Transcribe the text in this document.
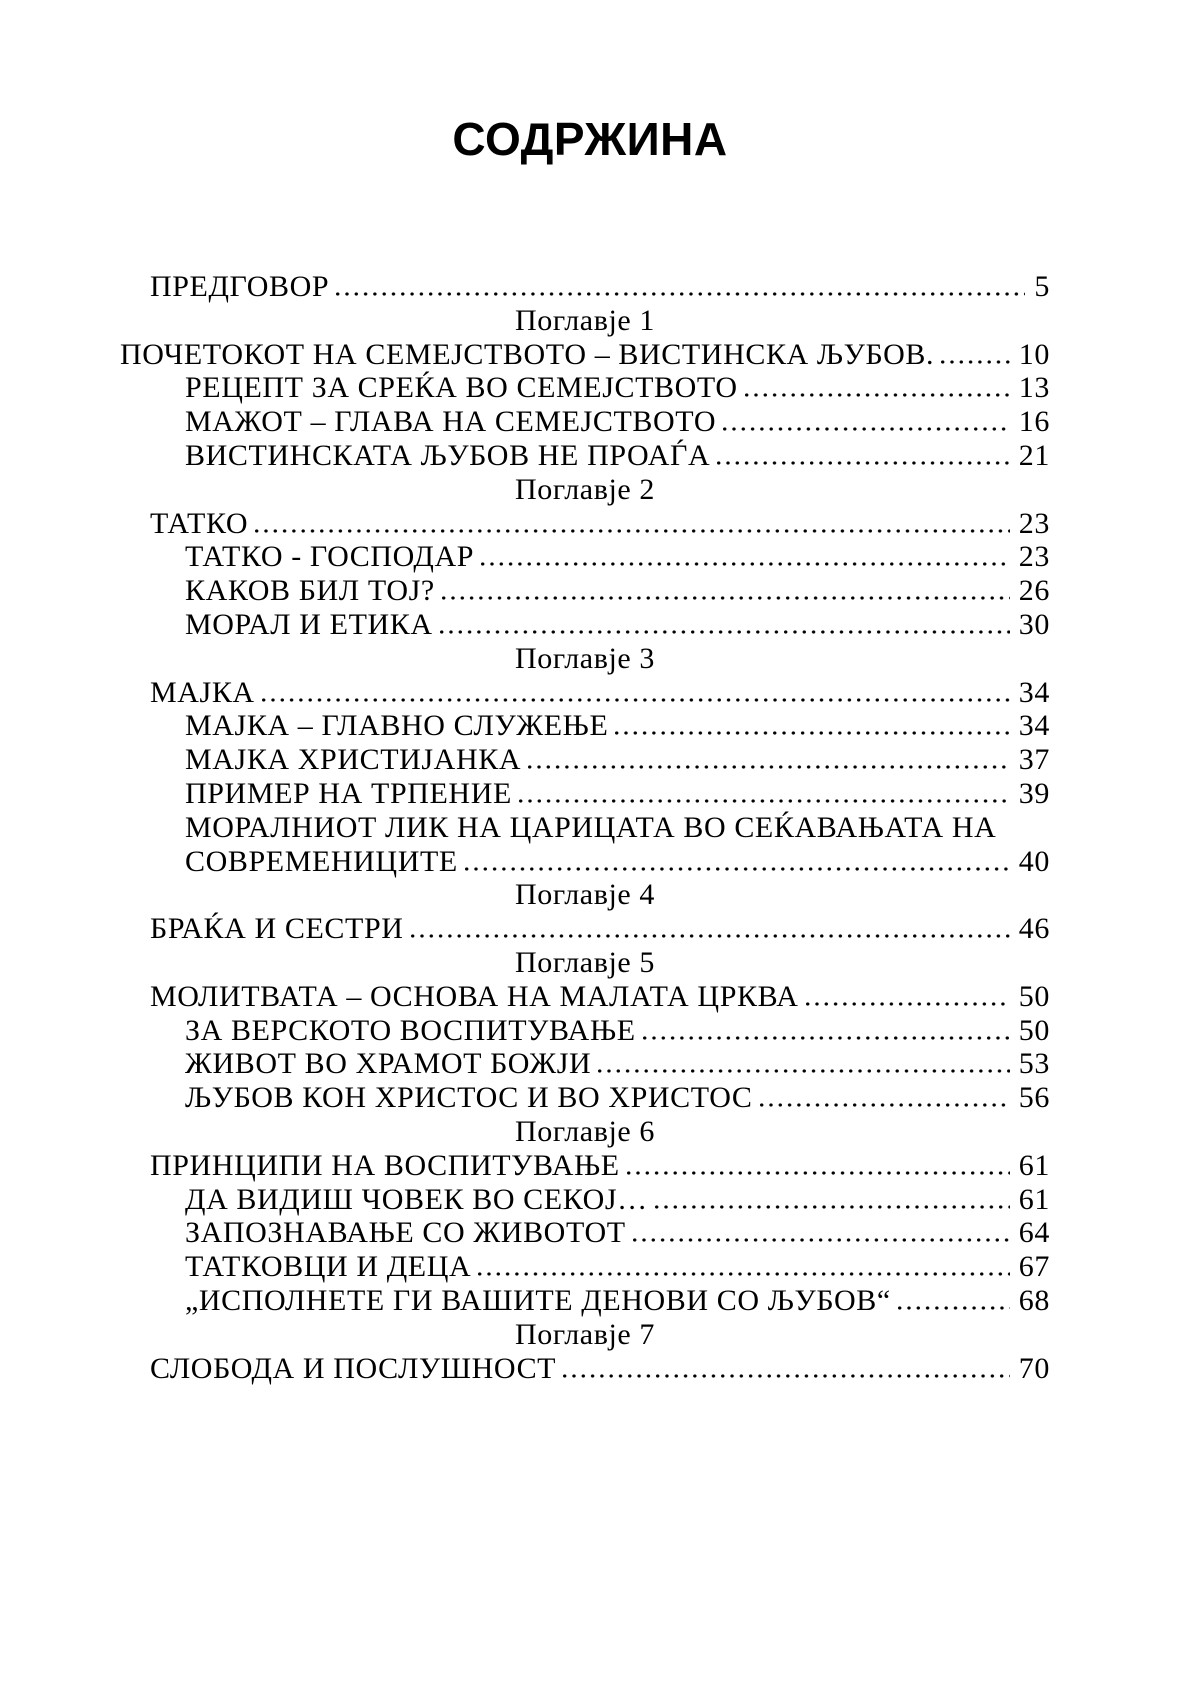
СОДРЖИНА
ПРЕДГОВОР	5
Поглавје 1
ПОЧЕТОКОТ НА СЕМЕЈСТВОТО – ВИСТИНСКА ЉУБОВ.	10
РЕЦЕПТ ЗА СРЕЌА ВО СЕМЕЈСТВОТО	13
МАЖОТ – ГЛАВА НА СЕМЕЈСТВОТО	16
ВИСТИНСКАТА ЉУБОВ НЕ ПРОАЃА	21
Поглавје 2
ТАТКО	23
ТАТКО - ГОСПОДАР	23
КАКОВ БИЛ ТОЈ?	26
МОРАЛ И ЕТИКА	30
Поглавје 3
МАЈКА	34
МАЈКА – ГЛАВНО СЛУЖЕЊЕ	34
МАЈКА ХРИСТИЈАНКА	37
ПРИМЕР НА ТРПЕНИЕ	39
МОРАЛНИОТ ЛИК НА ЦАРИЦАТА ВО СЕЌАВАЊАТА НА
СОВРЕМЕНИЦИТЕ	40
Поглавје 4
БРАЌА И СЕСТРИ	46
Поглавје 5
МОЛИТВАТА – ОСНОВА НА МАЛАТА ЦРКВА	50
ЗА ВЕРСКОТО ВОСПИТУВАЊЕ	50
ЖИВОТ ВО ХРАМОТ БОЖЈИ	53
ЉУБОВ КОН ХРИСТОС И ВО ХРИСТОС	56
Поглавје 6
ПРИНЦИПИ НА ВОСПИТУВАЊЕ	61
ДА ВИДИШ ЧОВЕК ВО СЕКОЈ…	61
ЗАПОЗНАВАЊЕ СО ЖИВОТОТ	64
ТАТКОВЦИ И ДЕЦА	67
„ИСПОЛНЕТЕ ГИ ВАШИТЕ ДЕНОВИ СО ЉУБОВ“	68
Поглавје 7
СЛОБОДА И ПОСЛУШНОСТ	70
